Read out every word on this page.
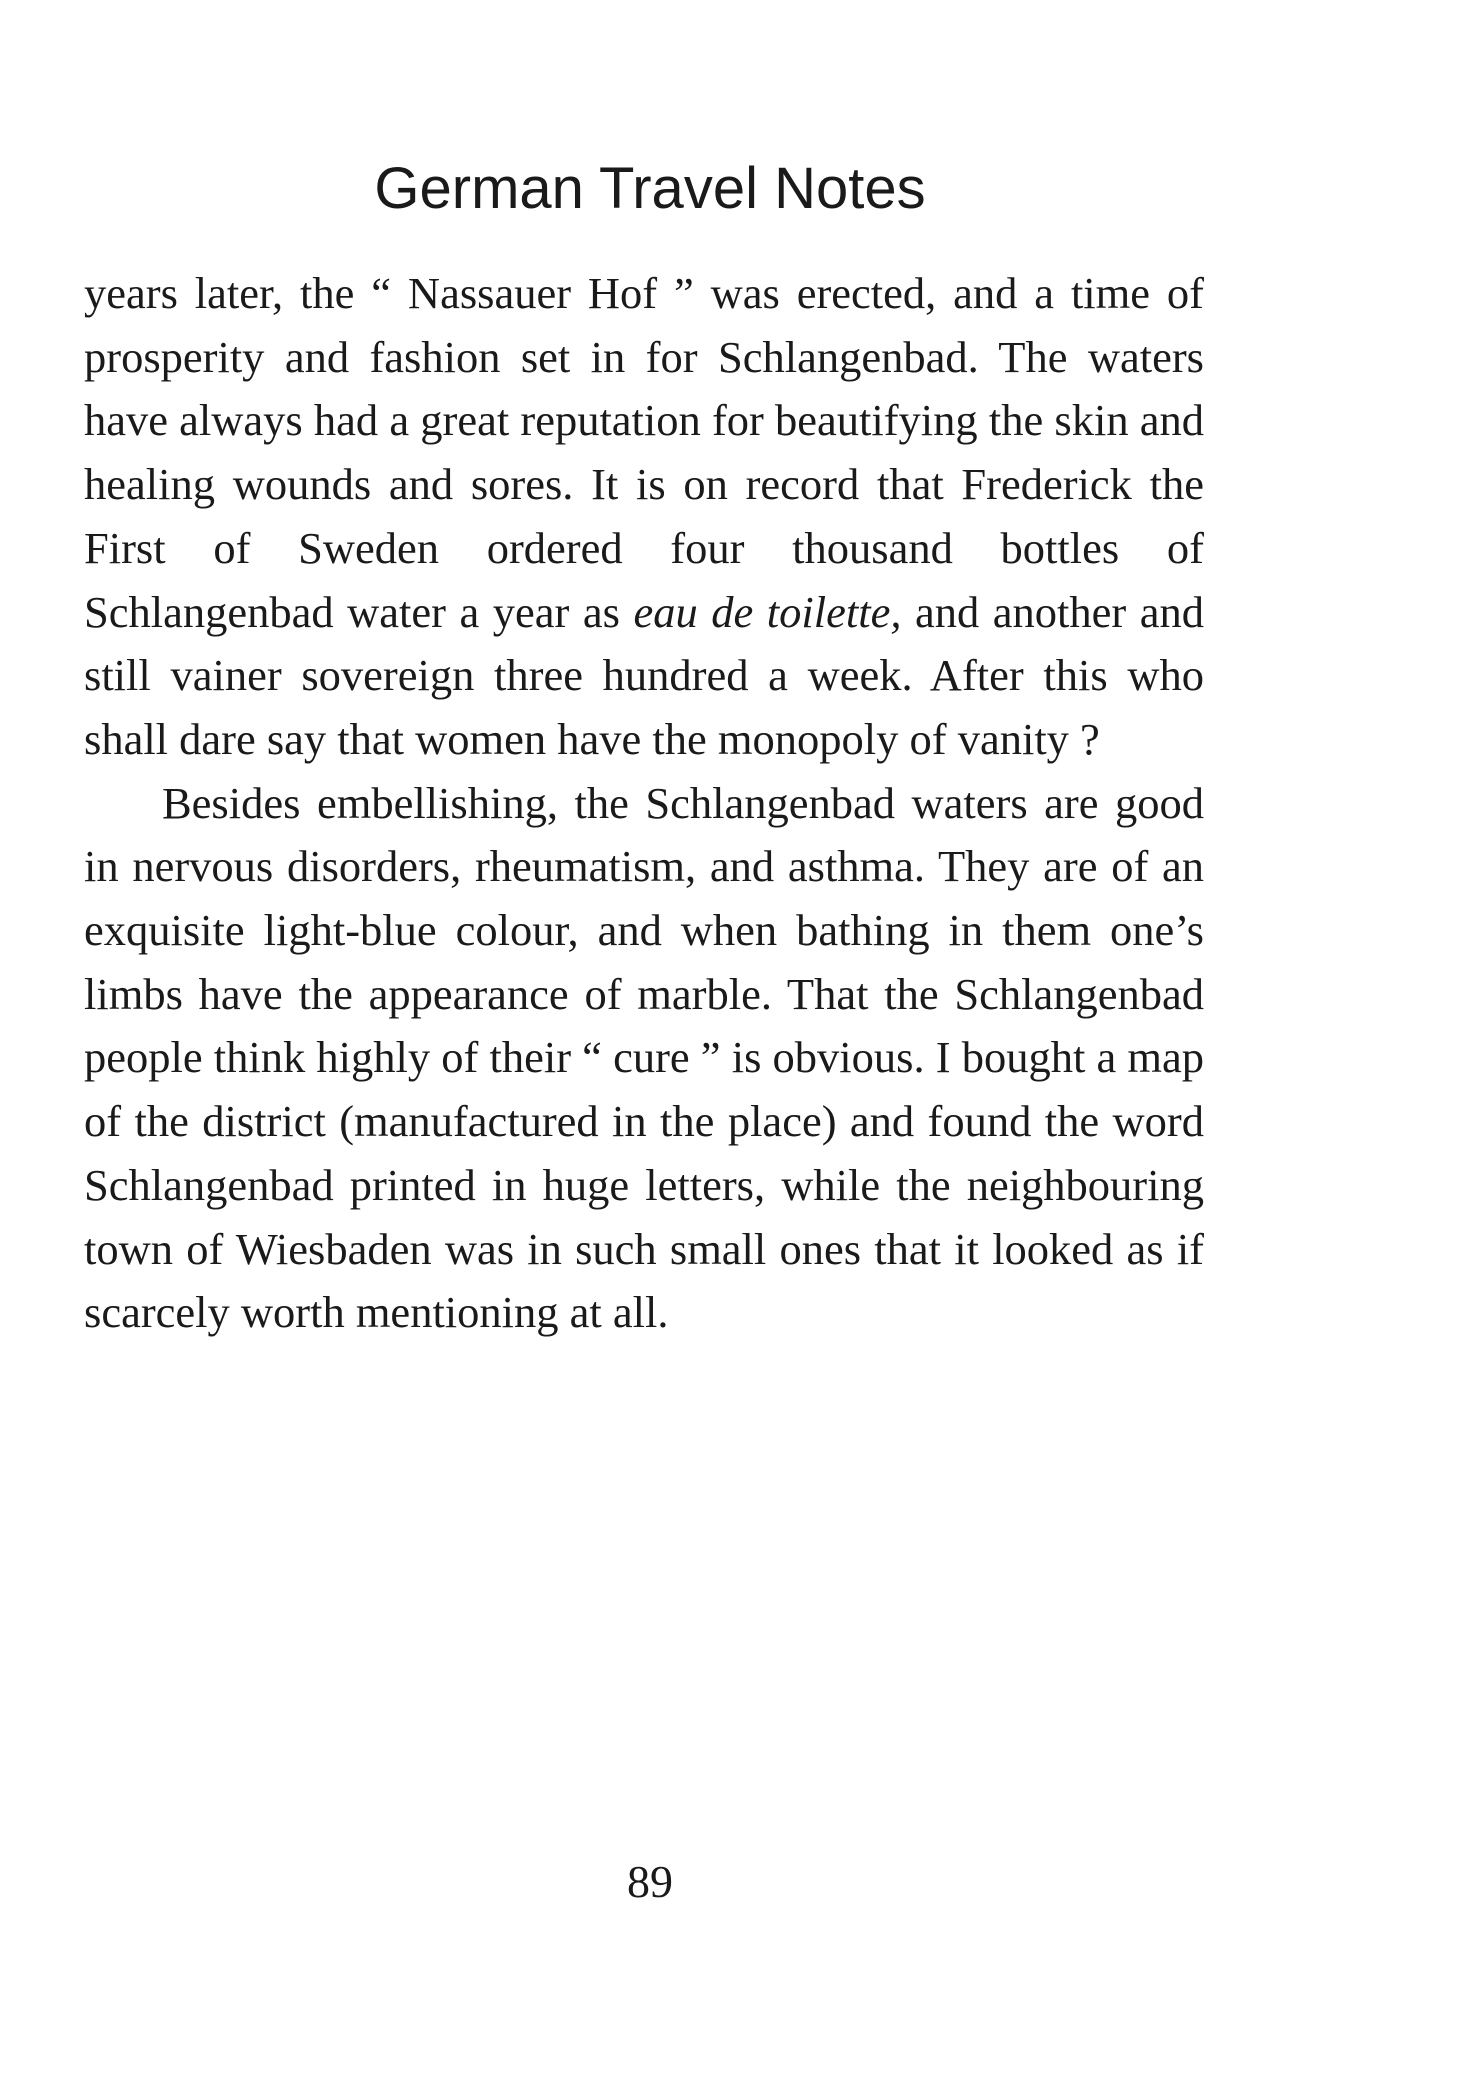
German Travel Notes

years later, the “ Nassauer Hof ” was erected, and a time of prosperity and fashion set in for Schlangenbad. The waters have always had a great reputation for beautifying the skin and healing wounds and sores. It is on record that Frederick the First of Sweden ordered four thousand bottles of Schlangenbad water a year as eau de toilette, and another and still vainer sovereign three hundred a week. After this who shall dare say that women have the monopoly of vanity ?

Besides embellishing, the Schlangenbad waters are good in nervous disorders, rheumatism, and asthma. They are of an exquisite light-blue colour, and when bathing in them one’s limbs have the appearance of marble. That the Schlangenbad people think highly of their “ cure ” is obvious. I bought a map of the district (manufactured in the place) and found the word Schlangenbad printed in huge letters, while the neighbouring town of Wiesbaden was in such small ones that it looked as if scarcely worth mentioning at all.

89
